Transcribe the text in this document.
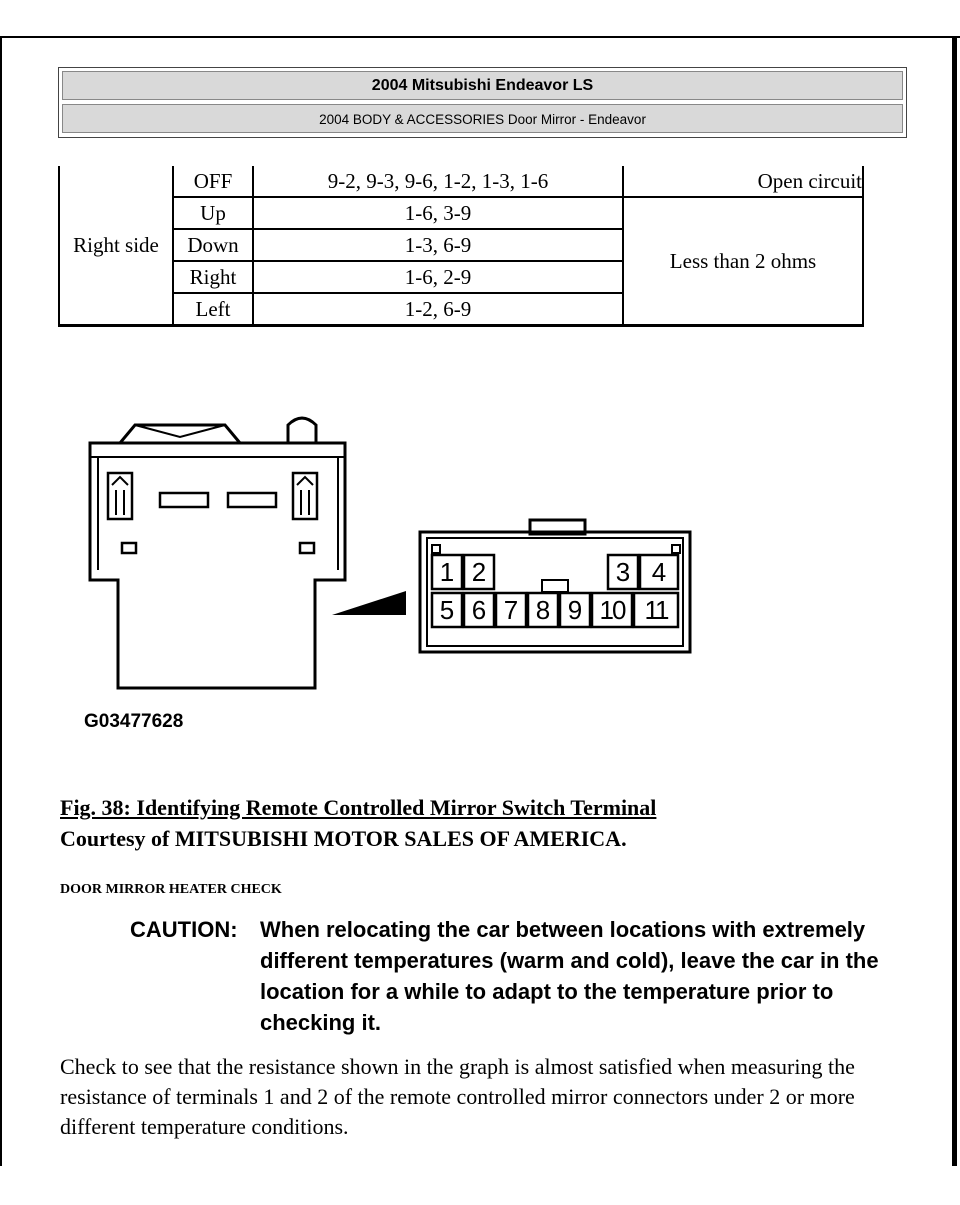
2004 Mitsubishi Endeavor LS
2004 BODY & ACCESSORIES Door Mirror - Endeavor
Right side	OFF	9-2, 9-3, 9-6, 1-2, 1-3, 1-6	Open circuit
	Up	1-6, 3-9	Less than 2 ohms
	Down	1-3, 6-9	
	Right	1-6, 2-9	
	Left	1-2, 6-9	
1 2	3 4
5 6 7 8 9 10 11
G03477628
Fig. 38: Identifying Remote Controlled Mirror Switch Terminal
Courtesy of MITSUBISHI MOTOR SALES OF AMERICA.
DOOR MIRROR HEATER CHECK
CAUTION: When relocating the car between locations with extremely different temperatures (warm and cold), leave the car in the location for a while to adapt to the temperature prior to checking it.
Check to see that the resistance shown in the graph is almost satisfied when measuring the resistance of terminals 1 and 2 of the remote controlled mirror connectors under 2 or more different temperature conditions.
